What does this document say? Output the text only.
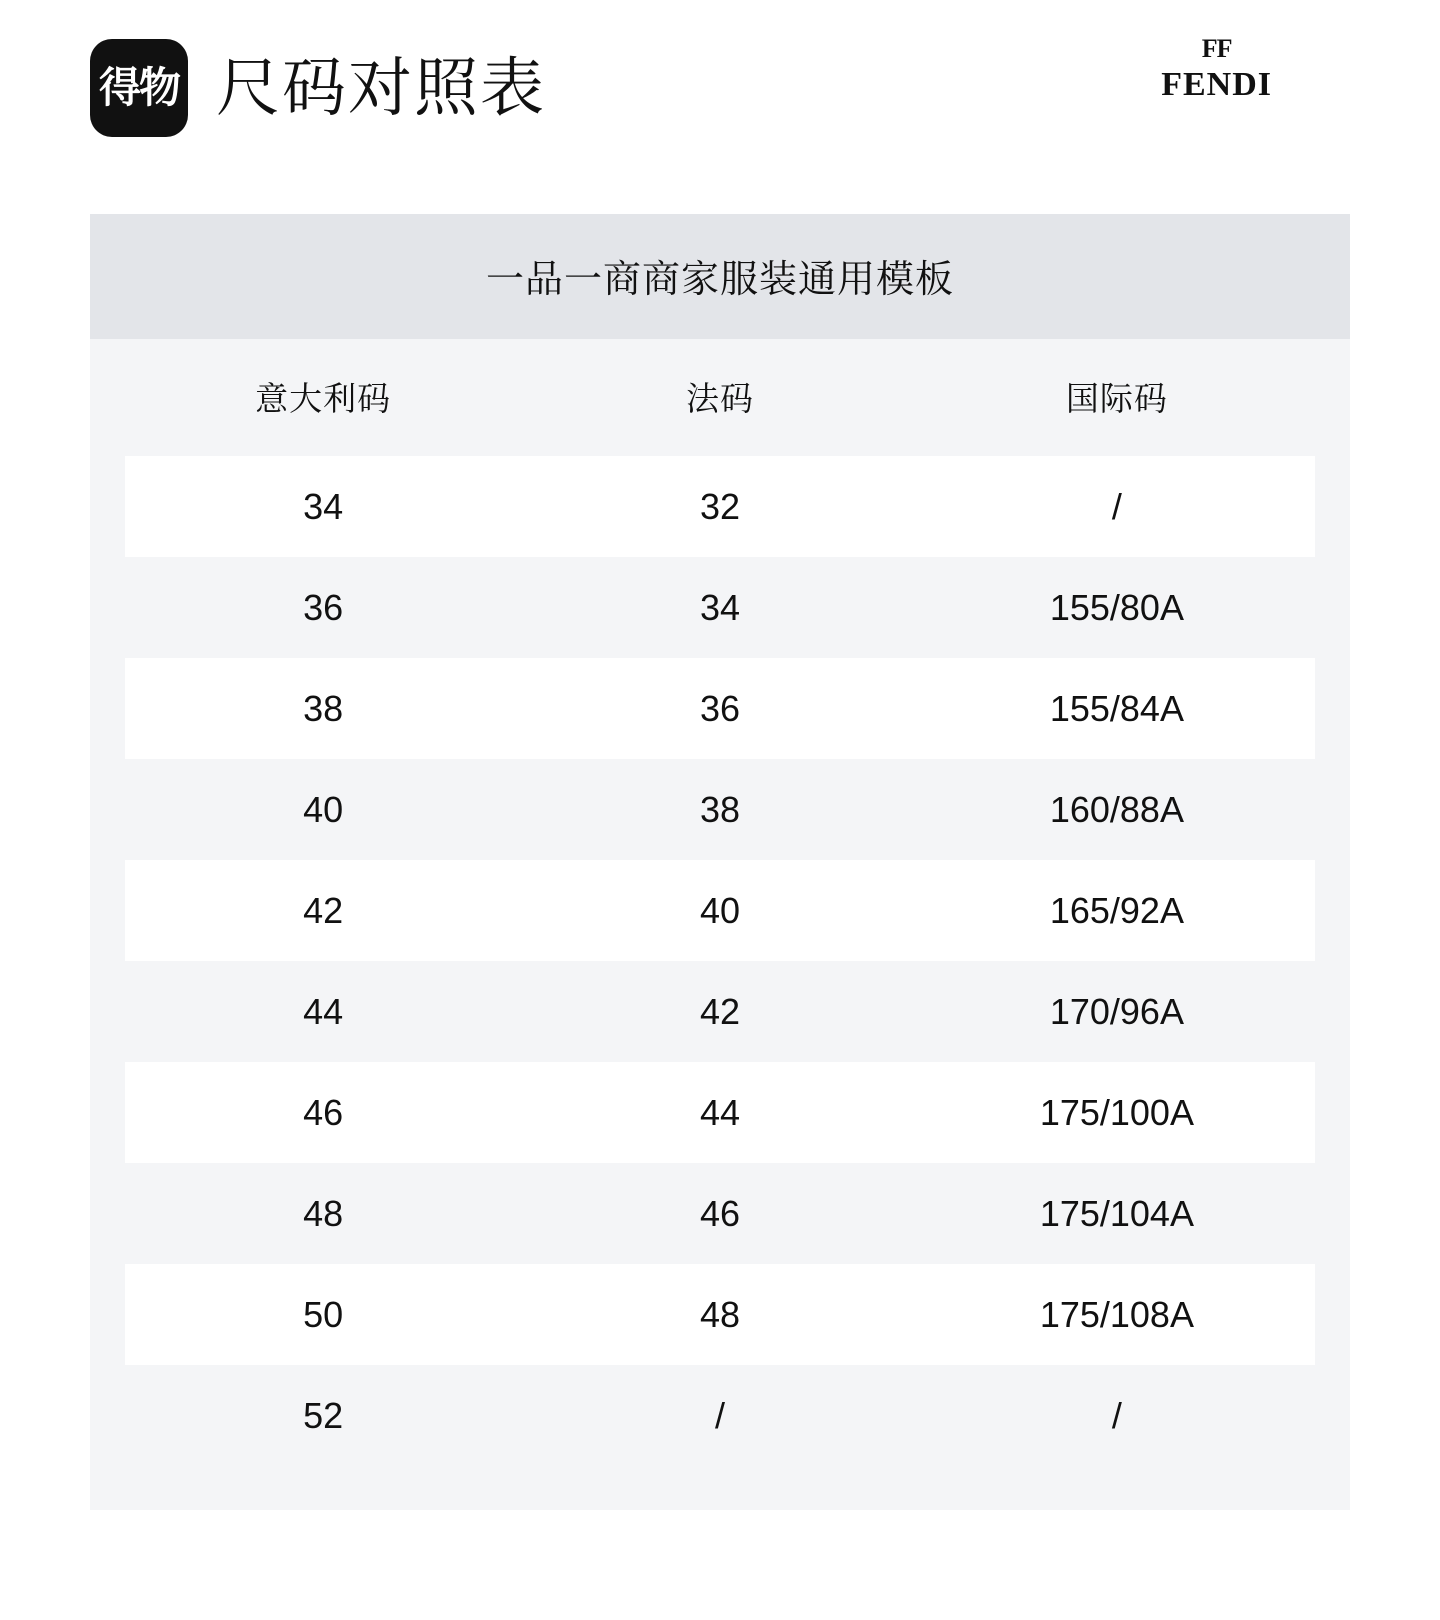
得物 尺码对照表
FF
FENDI
一品一商商家服装通用模板
	意大利码	法码	国际码	
	34	32	/	
	36	34	155/80A	
	38	36	155/84A	
	40	38	160/88A	
	42	40	165/92A	
	44	42	170/96A	
	46	44	175/100A	
	48	46	175/104A	
	50	48	175/108A	
	52	/	/	
